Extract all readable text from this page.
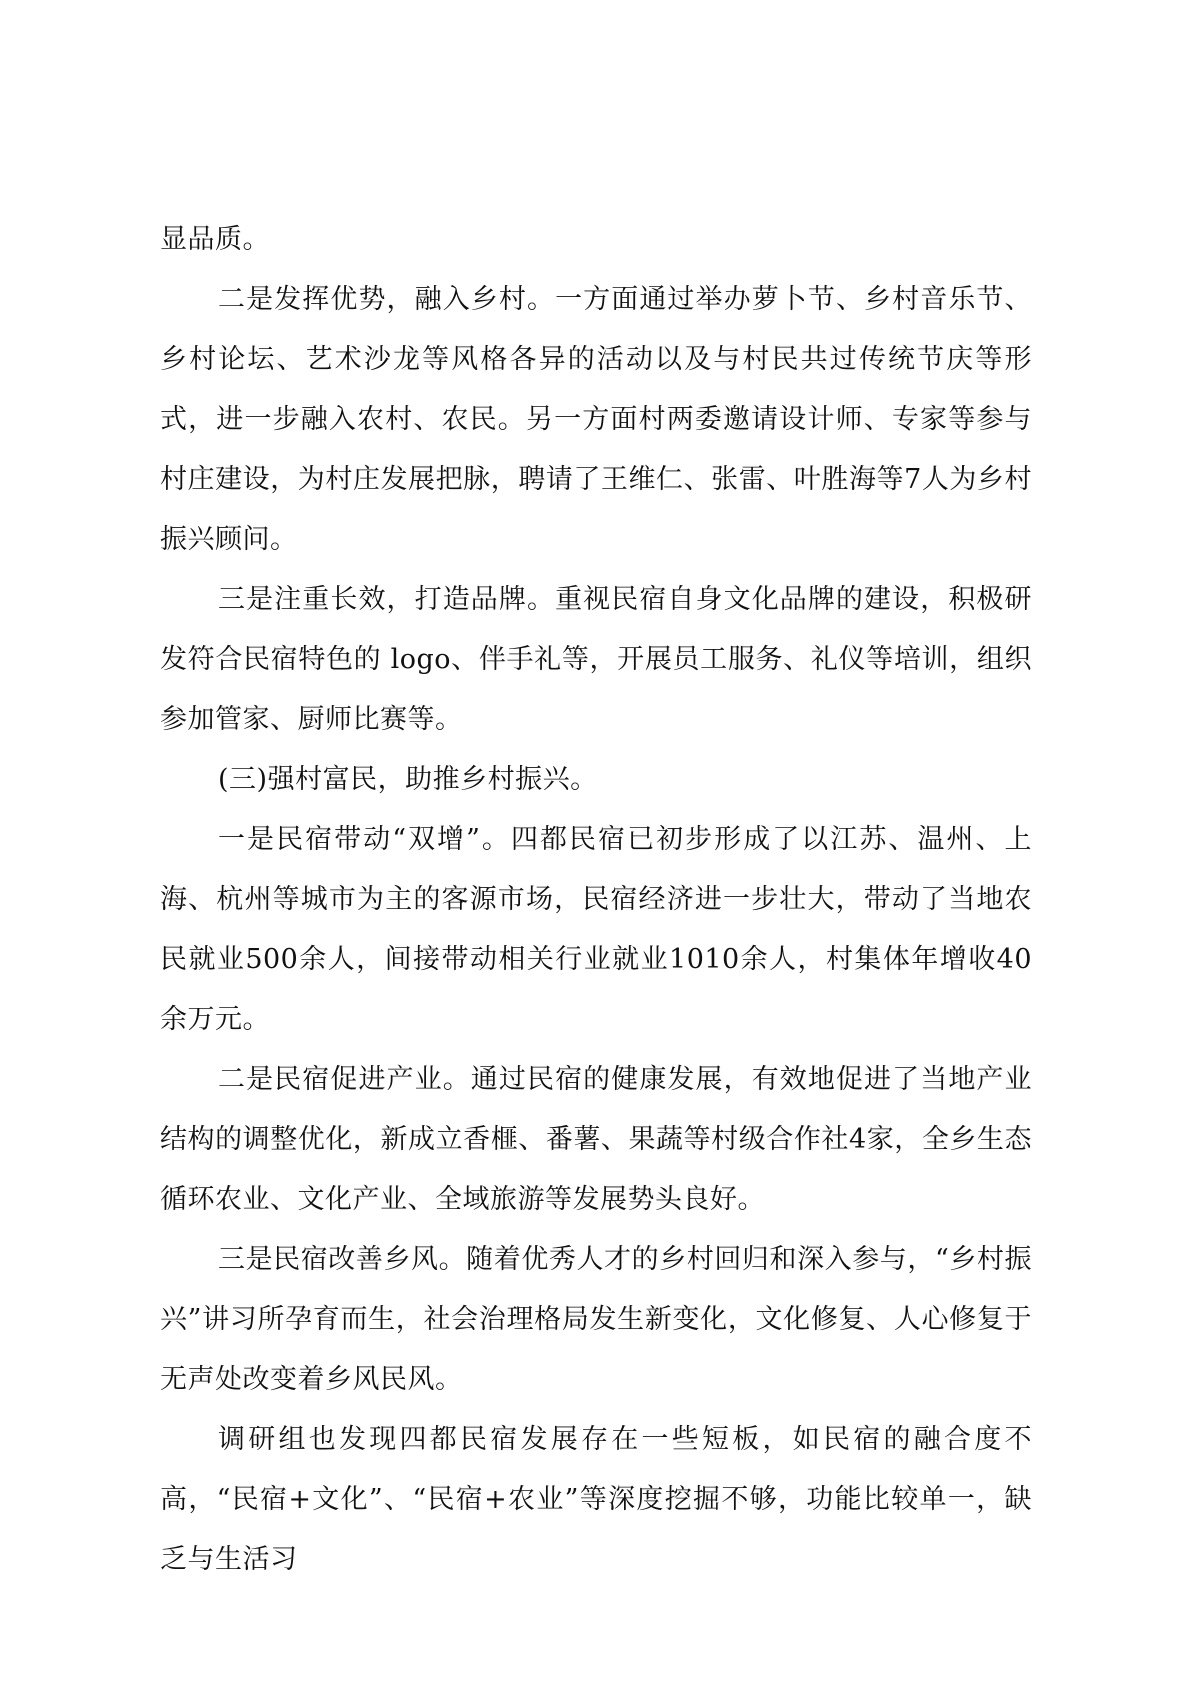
显品质。

二是发挥优势，融入乡村。一方面通过举办萝卜节、乡村音乐节、乡村论坛、艺术沙龙等风格各异的活动以及与村民共过传统节庆等形式，进一步融入农村、农民。另一方面村两委邀请设计师、专家等参与村庄建设，为村庄发展把脉，聘请了王维仁、张雷、叶胜海等7人为乡村振兴顾问。

三是注重长效，打造品牌。重视民宿自身文化品牌的建设，积极研发符合民宿特色的 logo、伴手礼等，开展员工服务、礼仪等培训，组织参加管家、厨师比赛等。

(三)强村富民，助推乡村振兴。

一是民宿带动“双增”。四都民宿已初步形成了以江苏、温州、上海、杭州等城市为主的客源市场，民宿经济进一步壮大，带动了当地农民就业500余人，间接带动相关行业就业1010余人，村集体年增收40余万元。

二是民宿促进产业。通过民宿的健康发展，有效地促进了当地产业结构的调整优化，新成立香榧、番薯、果蔬等村级合作社4家，全乡生态循环农业、文化产业、全域旅游等发展势头良好。

三是民宿改善乡风。随着优秀人才的乡村回归和深入参与，“乡村振兴”讲习所孕育而生，社会治理格局发生新变化，文化修复、人心修复于无声处改变着乡风民风。

调研组也发现四都民宿发展存在一些短板，如民宿的融合度不高，“民宿+文化”、“民宿+农业”等深度挖掘不够，功能比较单一，缺乏与生活习
